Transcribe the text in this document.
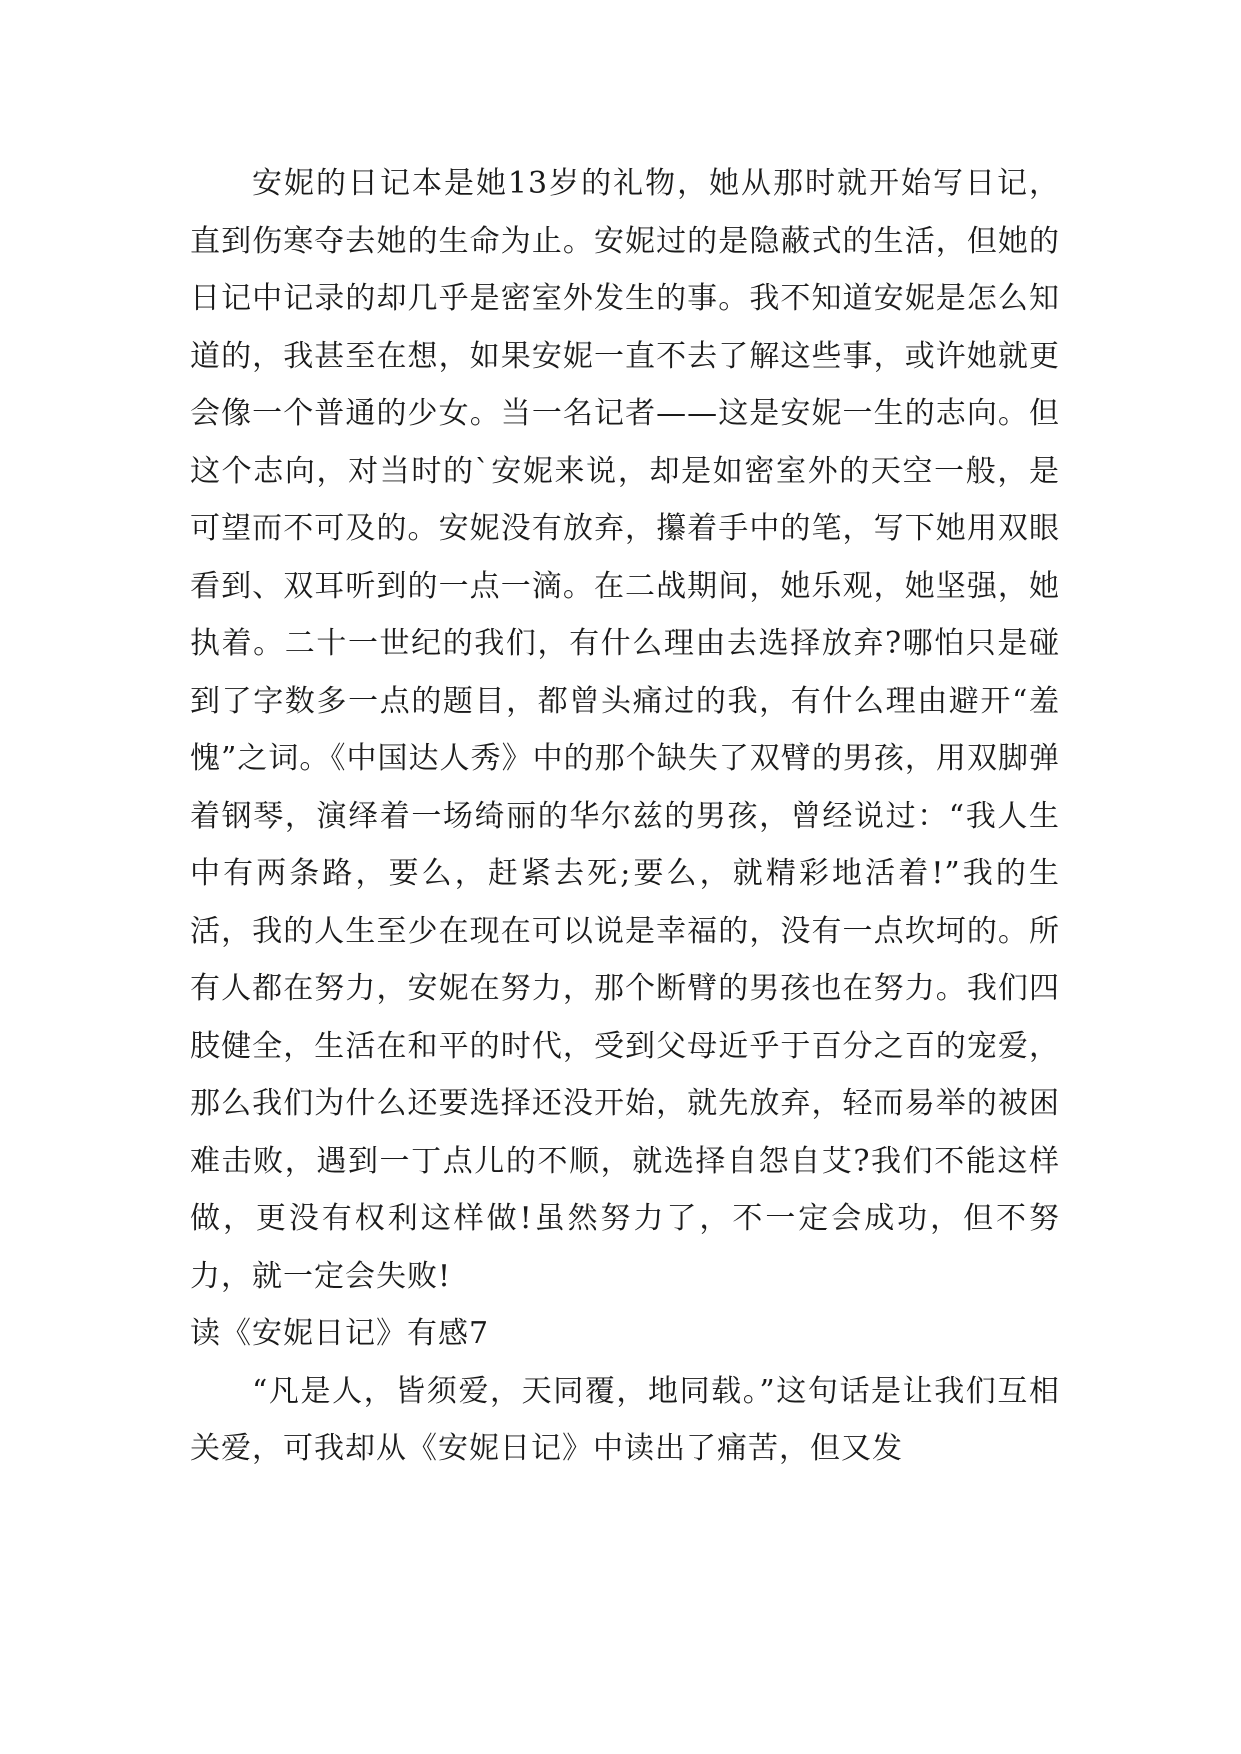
安妮的日记本是她13岁的礼物，她从那时就开始写日记，直到伤寒夺去她的生命为止。安妮过的是隐蔽式的生活，但她的日记中记录的却几乎是密室外发生的事。我不知道安妮是怎么知道的，我甚至在想，如果安妮一直不去了解这些事，或许她就更会像一个普通的少女。当一名记者——这是安妮一生的志向。但这个志向，对当时的`安妮来说，却是如密室外的天空一般，是可望而不可及的。安妮没有放弃，攥着手中的笔，写下她用双眼看到、双耳听到的一点一滴。在二战期间，她乐观，她坚强，她执着。二十一世纪的我们，有什么理由去选择放弃?哪怕只是碰到了字数多一点的题目，都曾头痛过的我，有什么理由避开“羞愧”之词。《中国达人秀》中的那个缺失了双臂的男孩，用双脚弹着钢琴，演绎着一场绮丽的华尔兹的男孩，曾经说过：“我人生中有两条路，要么，赶紧去死;要么，就精彩地活着!”我的生活，我的人生至少在现在可以说是幸福的，没有一点坎坷的。所有人都在努力，安妮在努力，那个断臂的男孩也在努力。我们四肢健全，生活在和平的时代，受到父母近乎于百分之百的宠爱，那么我们为什么还要选择还没开始，就先放弃，轻而易举的被困难击败，遇到一丁点儿的不顺，就选择自怨自艾?我们不能这样做，更没有权利这样做!虽然努力了，不一定会成功，但不努力，就一定会失败!

读《安妮日记》有感7

“凡是人，皆须爱，天同覆，地同载。”这句话是让我们互相关爱，可我却从《安妮日记》中读出了痛苦，但又发
